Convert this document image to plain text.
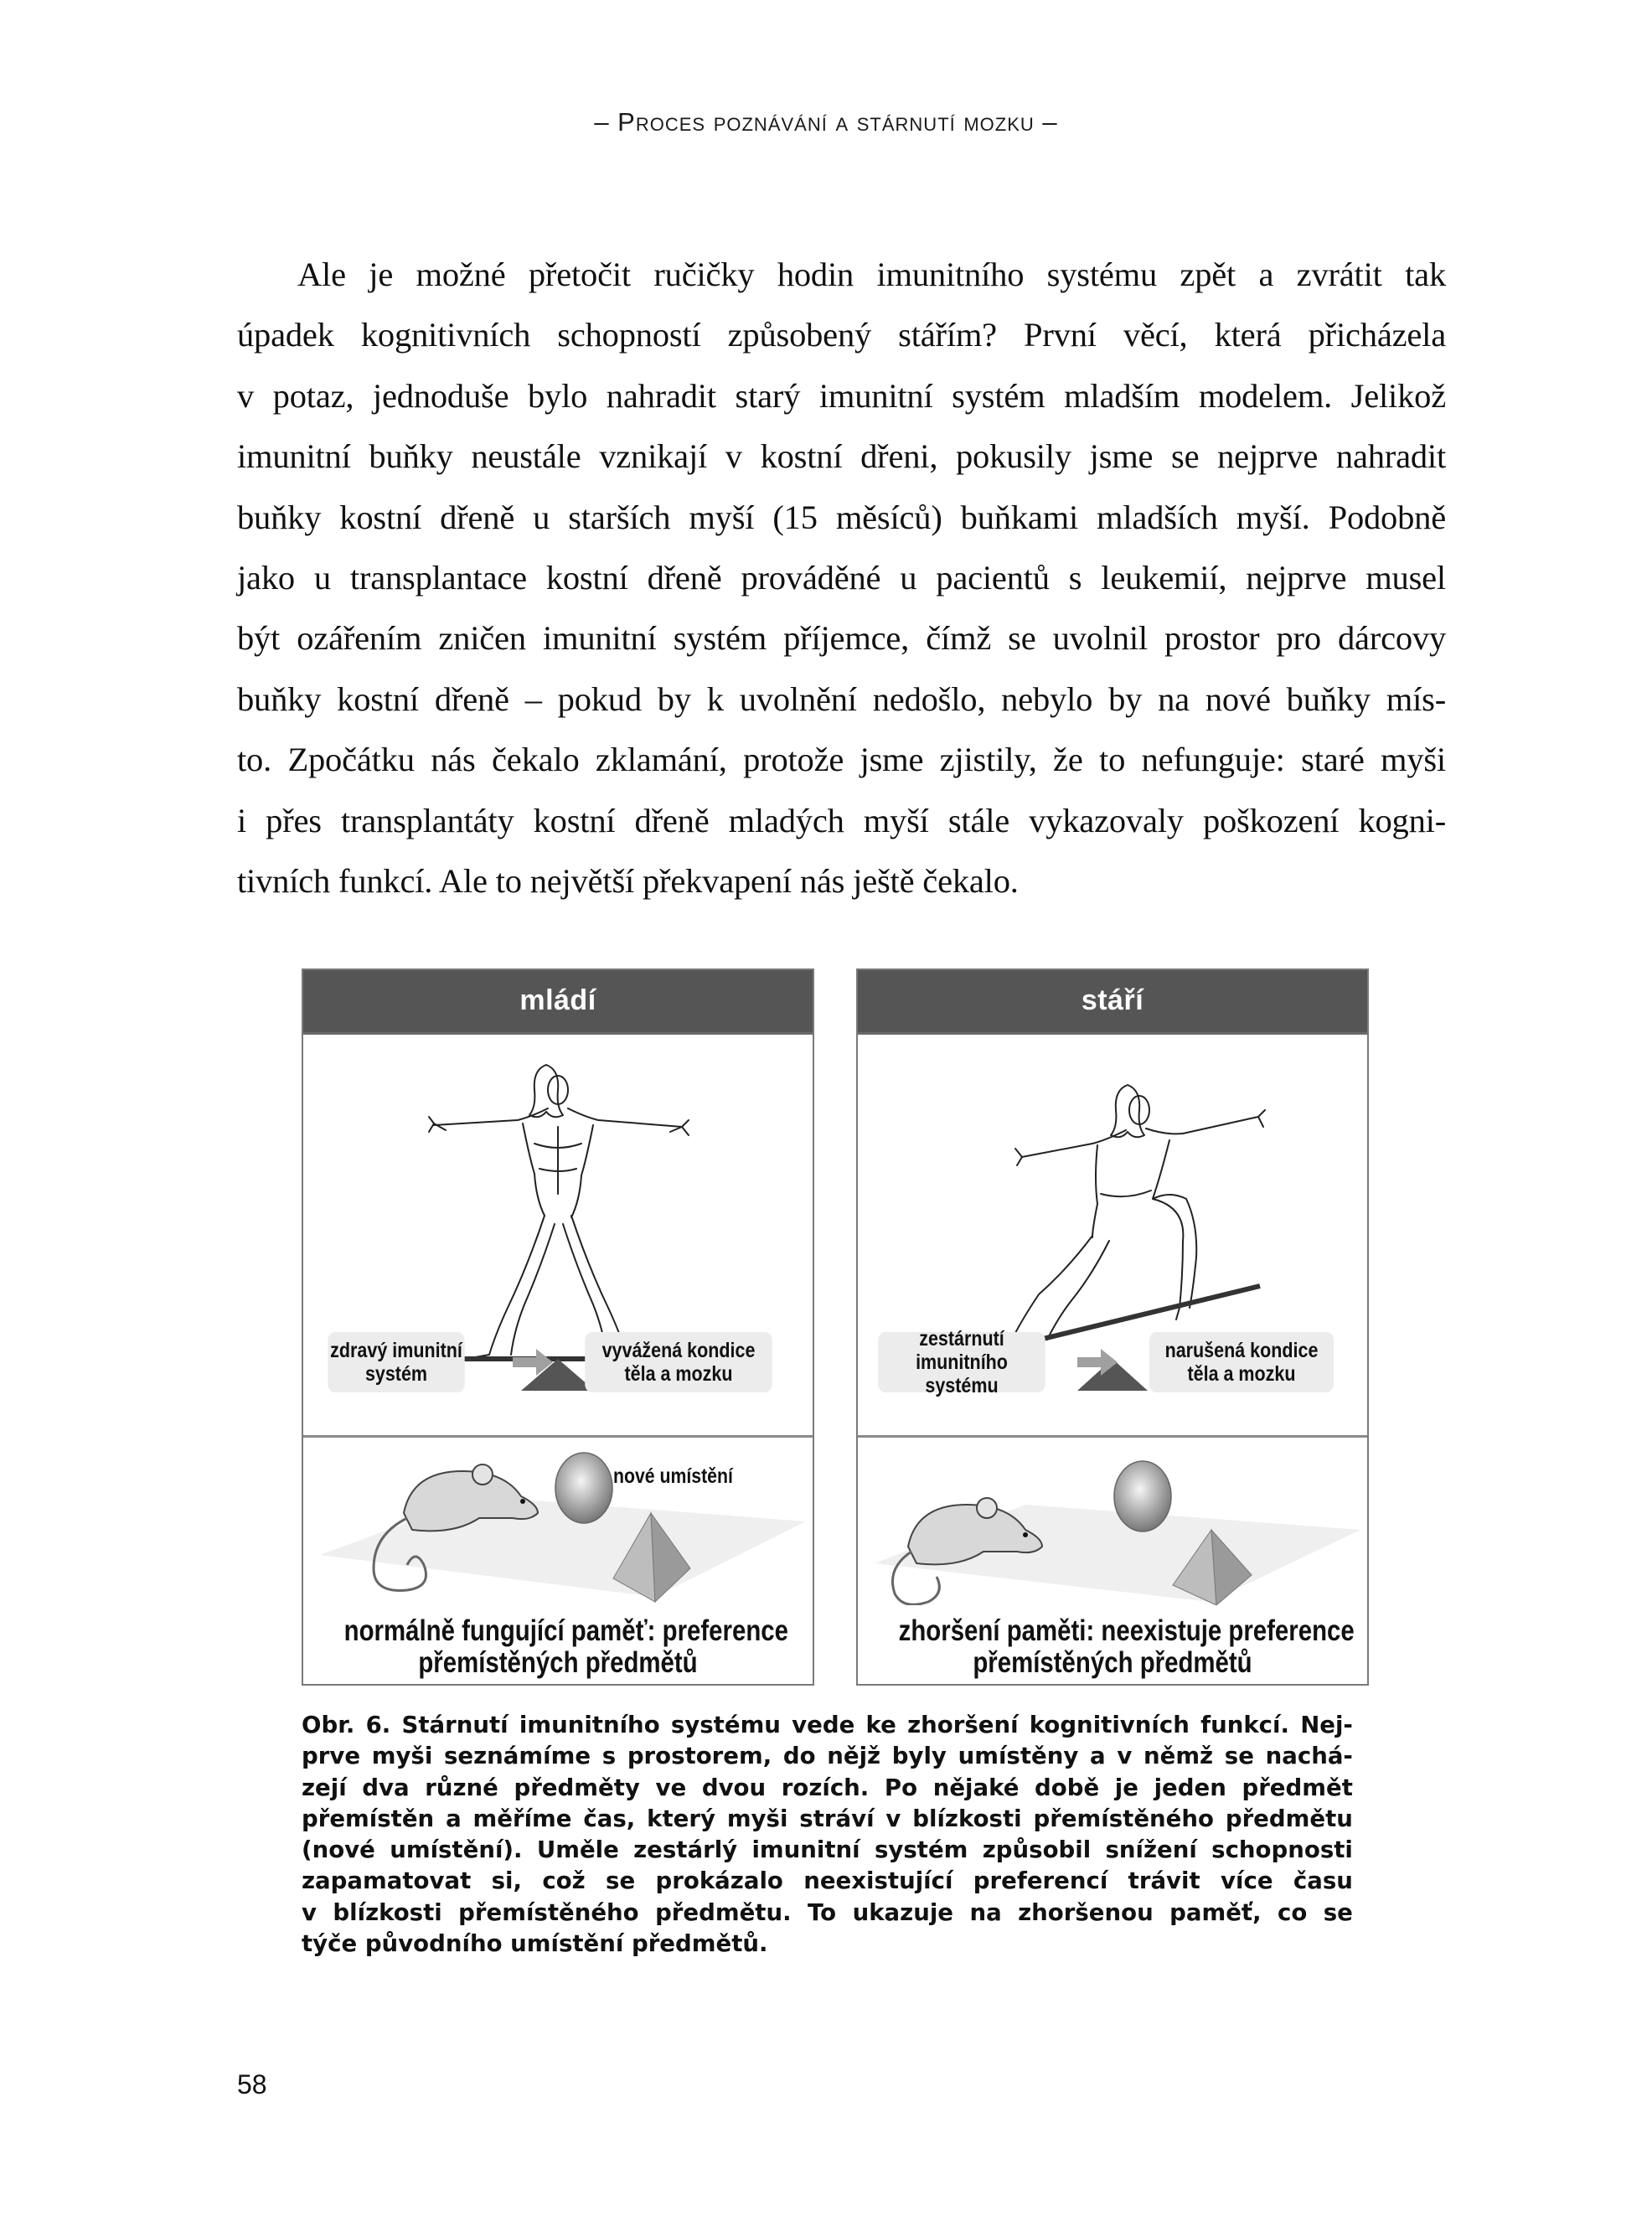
– Proces poznávání a stárnutí mozku –
Ale je možné přetočit ručičky hodin imunitního systému zpět a zvrátit tak
úpadek kognitivních schopností způsobený stářím? První věcí, která přicházela
v potaz, jednoduše bylo nahradit starý imunitní systém mladším modelem. Jelikož
imunitní buňky neustále vznikají v kostní dřeni, pokusily jsme se nejprve nahradit
buňky kostní dřeně u starších myší (15 měsíců) buňkami mladších myší. Podobně
jako u transplantace kostní dřeně prováděné u pacientů s leukemií, nejprve musel
být ozářením zničen imunitní systém příjemce, čímž se uvolnil prostor pro dárcovy
buňky kostní dřeně – pokud by k uvolnění nedošlo, nebylo by na nové buňky mís-
to. Zpočátku nás čekalo zklamání, protože jsme zjistily, že to nefunguje: staré myši
i přes transplantáty kostní dřeně mladých myší stále vykazovaly poškození kogni-
tivních funkcí. Ale to největší překvapení nás ještě čekalo.
mládí
zdravý imunitní systém
vyvážená kondice těla a mozku
nové umístění
normálně fungující paměť: preference
přemístěných předmětů
stáří
zestárnutí imunitního systému
narušená kondice těla a mozku
zhoršení paměti: neexistuje preference
přemístěných předmětů
Obr. 6. Stárnutí imunitního systému vede ke zhoršení kognitivních funkcí. Nej-
prve myši seznámíme s prostorem, do nějž byly umístěny a v němž se nachá-
zejí dva různé předměty ve dvou rozích. Po nějaké době je jeden předmět
přemístěn a měříme čas, který myši stráví v blízkosti přemístěného předmětu
(nové umístění). Uměle zestárlý imunitní systém způsobil snížení schopnosti
zapamatovat si, což se prokázalo neexistující preferencí trávit více času
v blízkosti přemístěného předmětu. To ukazuje na zhoršenou paměť, co se
týče původního umístění předmětů.
58
